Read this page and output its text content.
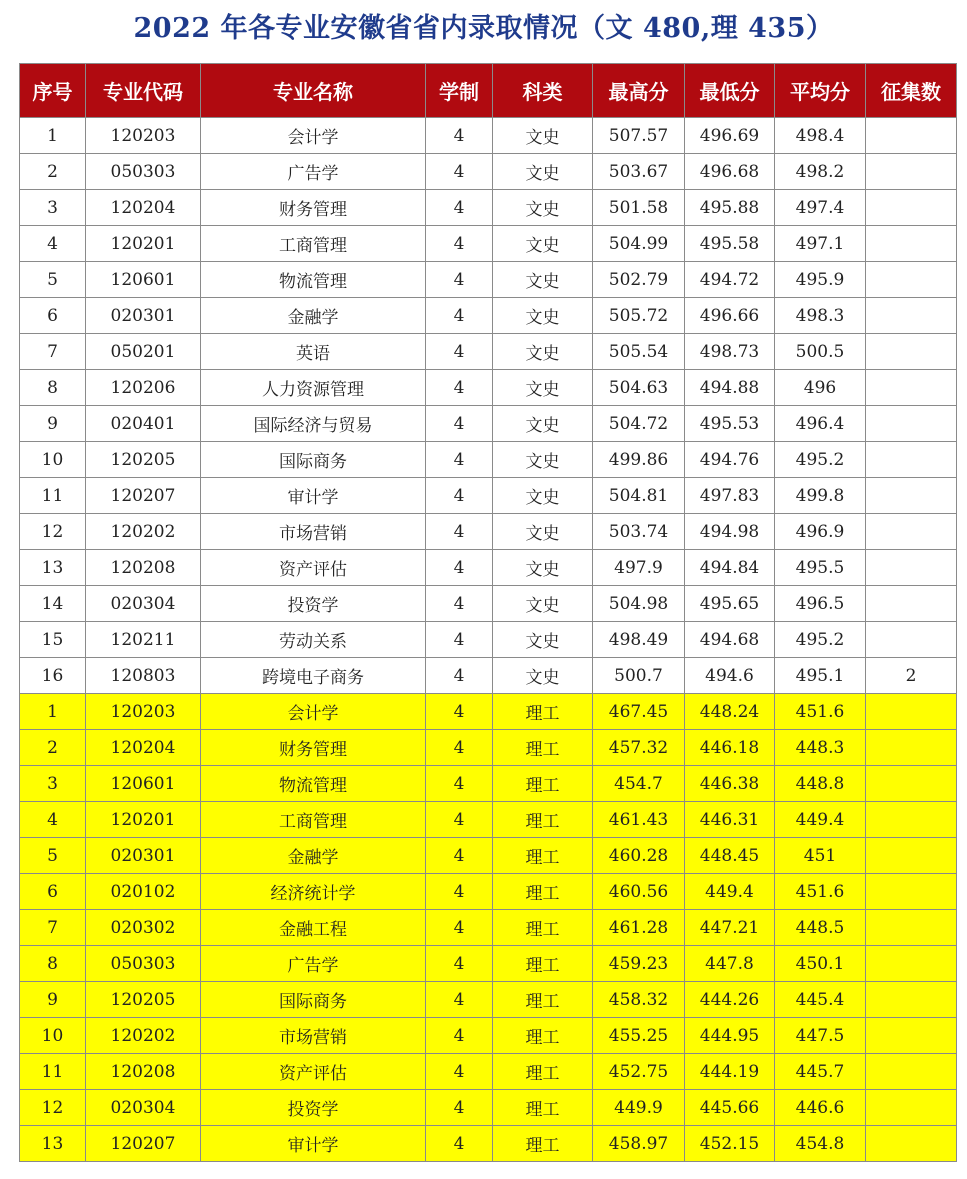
2022 年各专业安徽省省内录取情况（文 480,理 435）
序号	专业代码	专业名称	学制	科类	最高分	最低分	平均分	征集数
1	120203	会计学	4	文史	507.57	496.69	498.4	
2	050303	广告学	4	文史	503.67	496.68	498.2	
3	120204	财务管理	4	文史	501.58	495.88	497.4	
4	120201	工商管理	4	文史	504.99	495.58	497.1	
5	120601	物流管理	4	文史	502.79	494.72	495.9	
6	020301	金融学	4	文史	505.72	496.66	498.3	
7	050201	英语	4	文史	505.54	498.73	500.5	
8	120206	人力资源管理	4	文史	504.63	494.88	496	
9	020401	国际经济与贸易	4	文史	504.72	495.53	496.4	
10	120205	国际商务	4	文史	499.86	494.76	495.2	
11	120207	审计学	4	文史	504.81	497.83	499.8	
12	120202	市场营销	4	文史	503.74	494.98	496.9	
13	120208	资产评估	4	文史	497.9	494.84	495.5	
14	020304	投资学	4	文史	504.98	495.65	496.5	
15	120211	劳动关系	4	文史	498.49	494.68	495.2	
16	120803	跨境电子商务	4	文史	500.7	494.6	495.1	2
1	120203	会计学	4	理工	467.45	448.24	451.6	
2	120204	财务管理	4	理工	457.32	446.18	448.3	
3	120601	物流管理	4	理工	454.7	446.38	448.8	
4	120201	工商管理	4	理工	461.43	446.31	449.4	
5	020301	金融学	4	理工	460.28	448.45	451	
6	020102	经济统计学	4	理工	460.56	449.4	451.6	
7	020302	金融工程	4	理工	461.28	447.21	448.5	
8	050303	广告学	4	理工	459.23	447.8	450.1	
9	120205	国际商务	4	理工	458.32	444.26	445.4	
10	120202	市场营销	4	理工	455.25	444.95	447.5	
11	120208	资产评估	4	理工	452.75	444.19	445.7	
12	020304	投资学	4	理工	449.9	445.66	446.6	
13	120207	审计学	4	理工	458.97	452.15	454.8	
